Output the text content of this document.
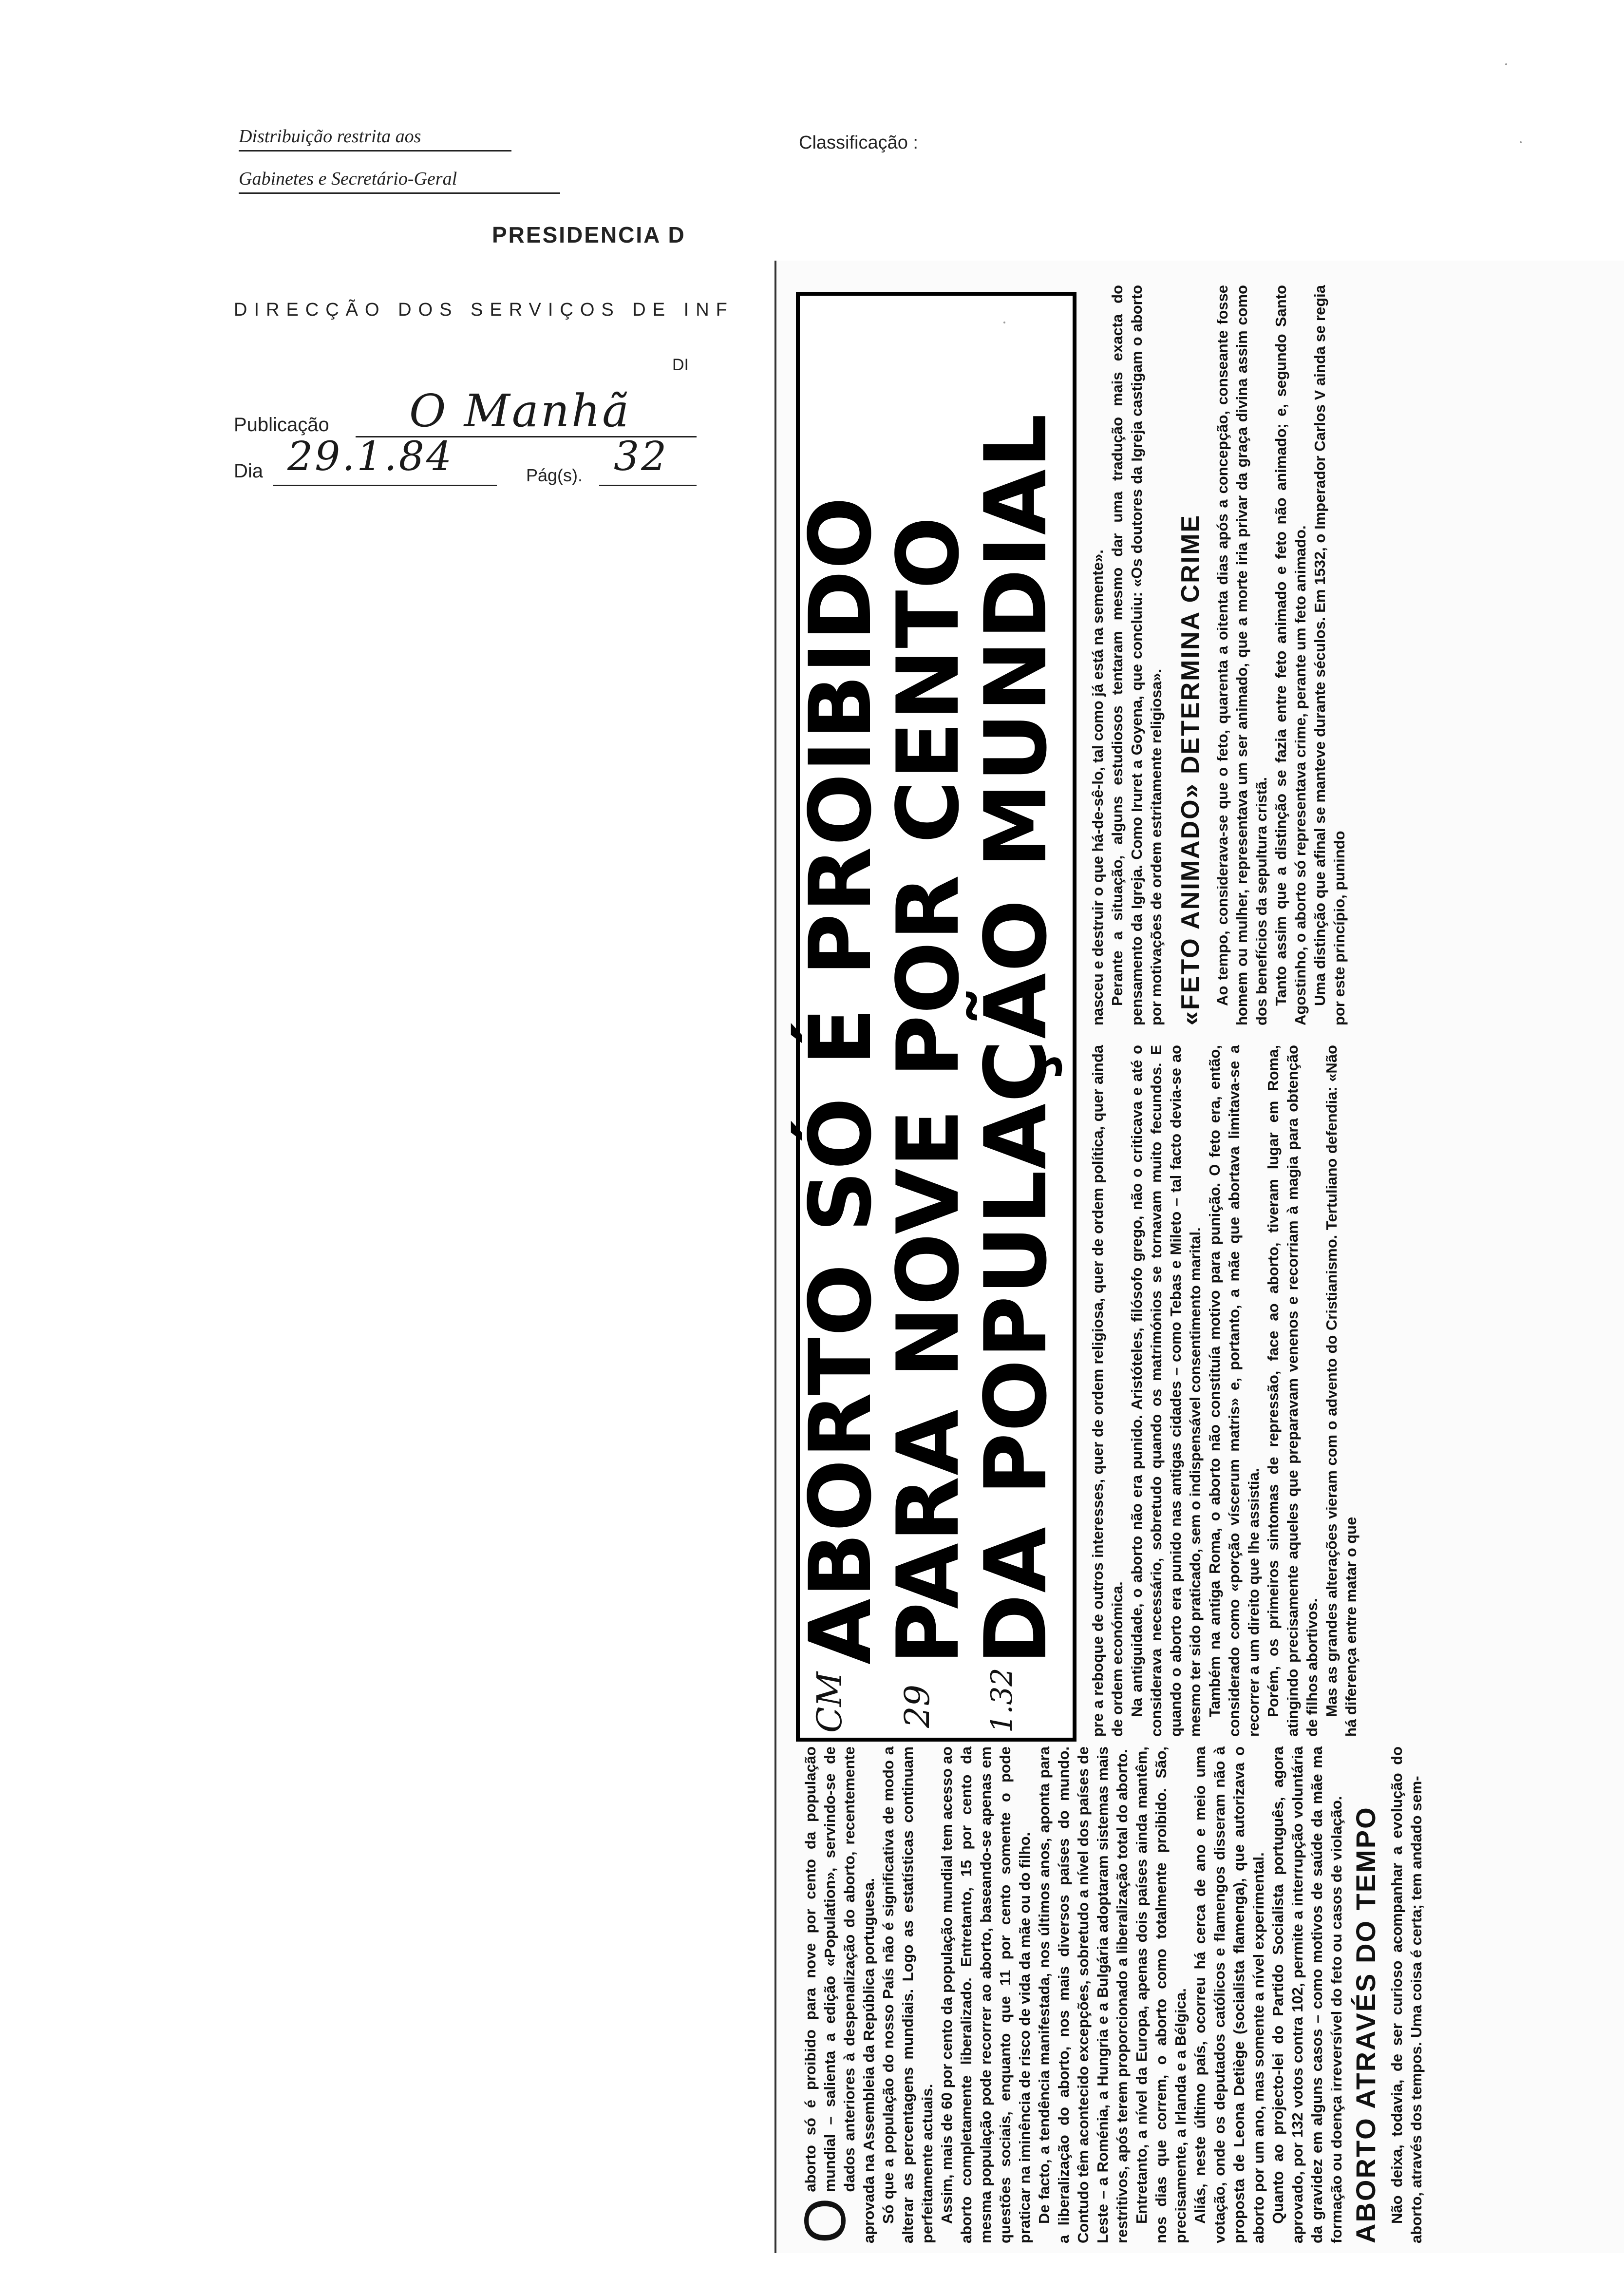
Distribuição restrita aos
Gabinetes e Secretário-Geral
Classificação :
PRESIDENCIA D
DIRECÇÃO DOS SERVIÇOS DE INF
DI
Publicação O Manhã
Dia 29.1.84	Pág(s). 32

O
aborto só é proibido para nove por cento da população mundial – salienta a edição «Population», servindo-se de dados anteriores à despenalização do aborto, recentemente aprovada na Assembleia da República portuguesa. Só que a população do nosso País não é significativa de modo a alterar as percentagens mundiais. Logo as estatísticas continuam perfeitamente actuais. Assim, mais de 60 por cento da população mundial tem acesso ao aborto completamente liberalizado. Entretanto, 15 por cento da mesma população pode recorrer ao aborto, baseando-se apenas em questões sociais, enquanto que 11 por cento somente o pode praticar na iminência de risco de vida da mãe ou do filho. De facto, a tendência manifestada, nos últimos anos, aponta para a liberalização do aborto, nos mais diversos países do mundo. Contudo têm acontecido excepções, sobretudo a nível dos países de Leste – a Roménia, a Hungria e a Bulgária adoptaram sistemas mais restritivos, após terem proporcionado a liberalização total do aborto. Entretanto, a nível da Europa, apenas dois países ainda mantêm, nos dias que correm, o aborto como totalmente proibido. São, precisamente, a Irlanda e a Bélgica. Aliás, neste último país, ocorreu há cerca de ano e meio uma votação, onde os deputados católicos e flamengos disseram não à proposta de Leona Detiège (socialista flamenga), que autorizava o aborto por um ano, mas somente a nível experimental. Quanto ao projecto-lei do Partido Socialista português, agora aprovado, por 132 votos contra 102, permite a interrupção voluntária da gravidez em alguns casos – como motivos de saúde da mãe ma formação ou doença irreversível do feto ou casos de violação. ABORTO ATRAVÉS DO TEMPO Não deixa, todavia, de ser curioso acompanhar a evolução do aborto, através dos tempos. Uma coisa é certa; tem andado sem-

ABORTO SÓ É PROIBIDO
PARA NOVE POR CENTO
DA POPULAÇÃO MUNDIAL
CM 29 1.32	pre a reboque de outros interesses, quer de ordem religiosa, quer de ordem política, quer ainda de ordem económica. Na antiguidade, o aborto não era punido. Aristóteles, filósofo grego, não o criticava e até o considerava necessário, sobretudo quando os matrimónios se tornavam muito fecundos. E quando o aborto era punido nas antigas cidades – como Tebas e Mileto – tal facto devia-se ao mesmo ter sido praticado, sem o indispensável consentimento marital. Também na antiga Roma, o aborto não constituía motivo para punição. O feto era, então, considerado como «porção víscerum matris» e, portanto, a mãe que abortava limitava-se a recorrer a um direito que lhe assistia. Porém, os primeiros sintomas de repressão, face ao aborto, tiveram lugar em Roma, atingindo precisamente aqueles que preparavam venenos e recorriam à magia para obtenção de filhos abortivos. Mas as grandes alterações vieram com o advento do Cristianismo. Tertuliano defendia: «Não há diferença entre matar o que

nasceu e destruir o que há-de-sê-lo, tal como já está na semente». Perante a situação, alguns estudiosos tentaram mesmo dar uma tradução mais exacta do pensamento da Igreja. Como Iruret a Goyena, que concluiu: «Os doutores da Igreja castigam o aborto por motivações de ordem estritamente religiosa». «FETO ANIMADO» DETERMINA CRIME Ao tempo, considerava-se que o feto, quarenta a oitenta dias após a concepção, conseante fosse homem ou mulher, representava um ser animado, que a morte iria privar da graça divina assim como dos benefícios da sepultura cristã. Tanto assim que a distinção se fazia entre feto animado e feto não animado; e, segundo Santo Agostinho, o aborto só representava crime, perante um feto animado. Uma distinção que afinal se manteve durante séculos. Em 1532, o Imperador Carlos V ainda se regia por este princípio, punindo
